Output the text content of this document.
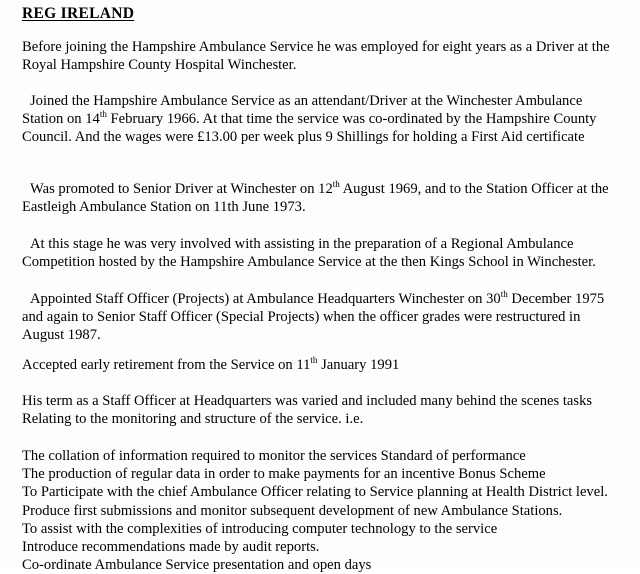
REG IRELAND

Before joining the Hampshire Ambulance Service he was employed for eight years as a Driver at the Royal Hampshire County Hospital Winchester.

Joined the Hampshire Ambulance Service as an attendant/Driver at the Winchester Ambulance Station on 14th February 1966. At that time the service was co-ordinated by the Hampshire County Council. And the wages were £13.00 per week plus 9 Shillings for holding a First Aid certificate

Was promoted to Senior Driver at Winchester on 12th August 1969, and to the Station Officer at the Eastleigh Ambulance Station on 11th June 1973.

At this stage he was very involved with assisting in the preparation of a Regional Ambulance Competition hosted by the Hampshire Ambulance Service at the then Kings School in Winchester.

Appointed Staff Officer (Projects) at Ambulance Headquarters Winchester on 30th December 1975 and again to Senior Staff Officer (Special Projects) when the officer grades were restructured in August 1987.

Accepted early retirement from the Service on 11th January 1991

His term as a Staff Officer at Headquarters was varied and included many behind the scenes tasks Relating to the monitoring and structure of the service. i.e.

The collation of information required to monitor the services Standard of performance

The production of regular data in order to make payments for an incentive Bonus Scheme

To Participate with the chief Ambulance Officer relating to Service planning at Health District level.

Produce first submissions and monitor subsequent development of new Ambulance Stations.

To assist with the complexities of introducing computer technology to the service

Introduce recommendations made by audit reports.

Co-ordinate Ambulance Service presentation and open days
